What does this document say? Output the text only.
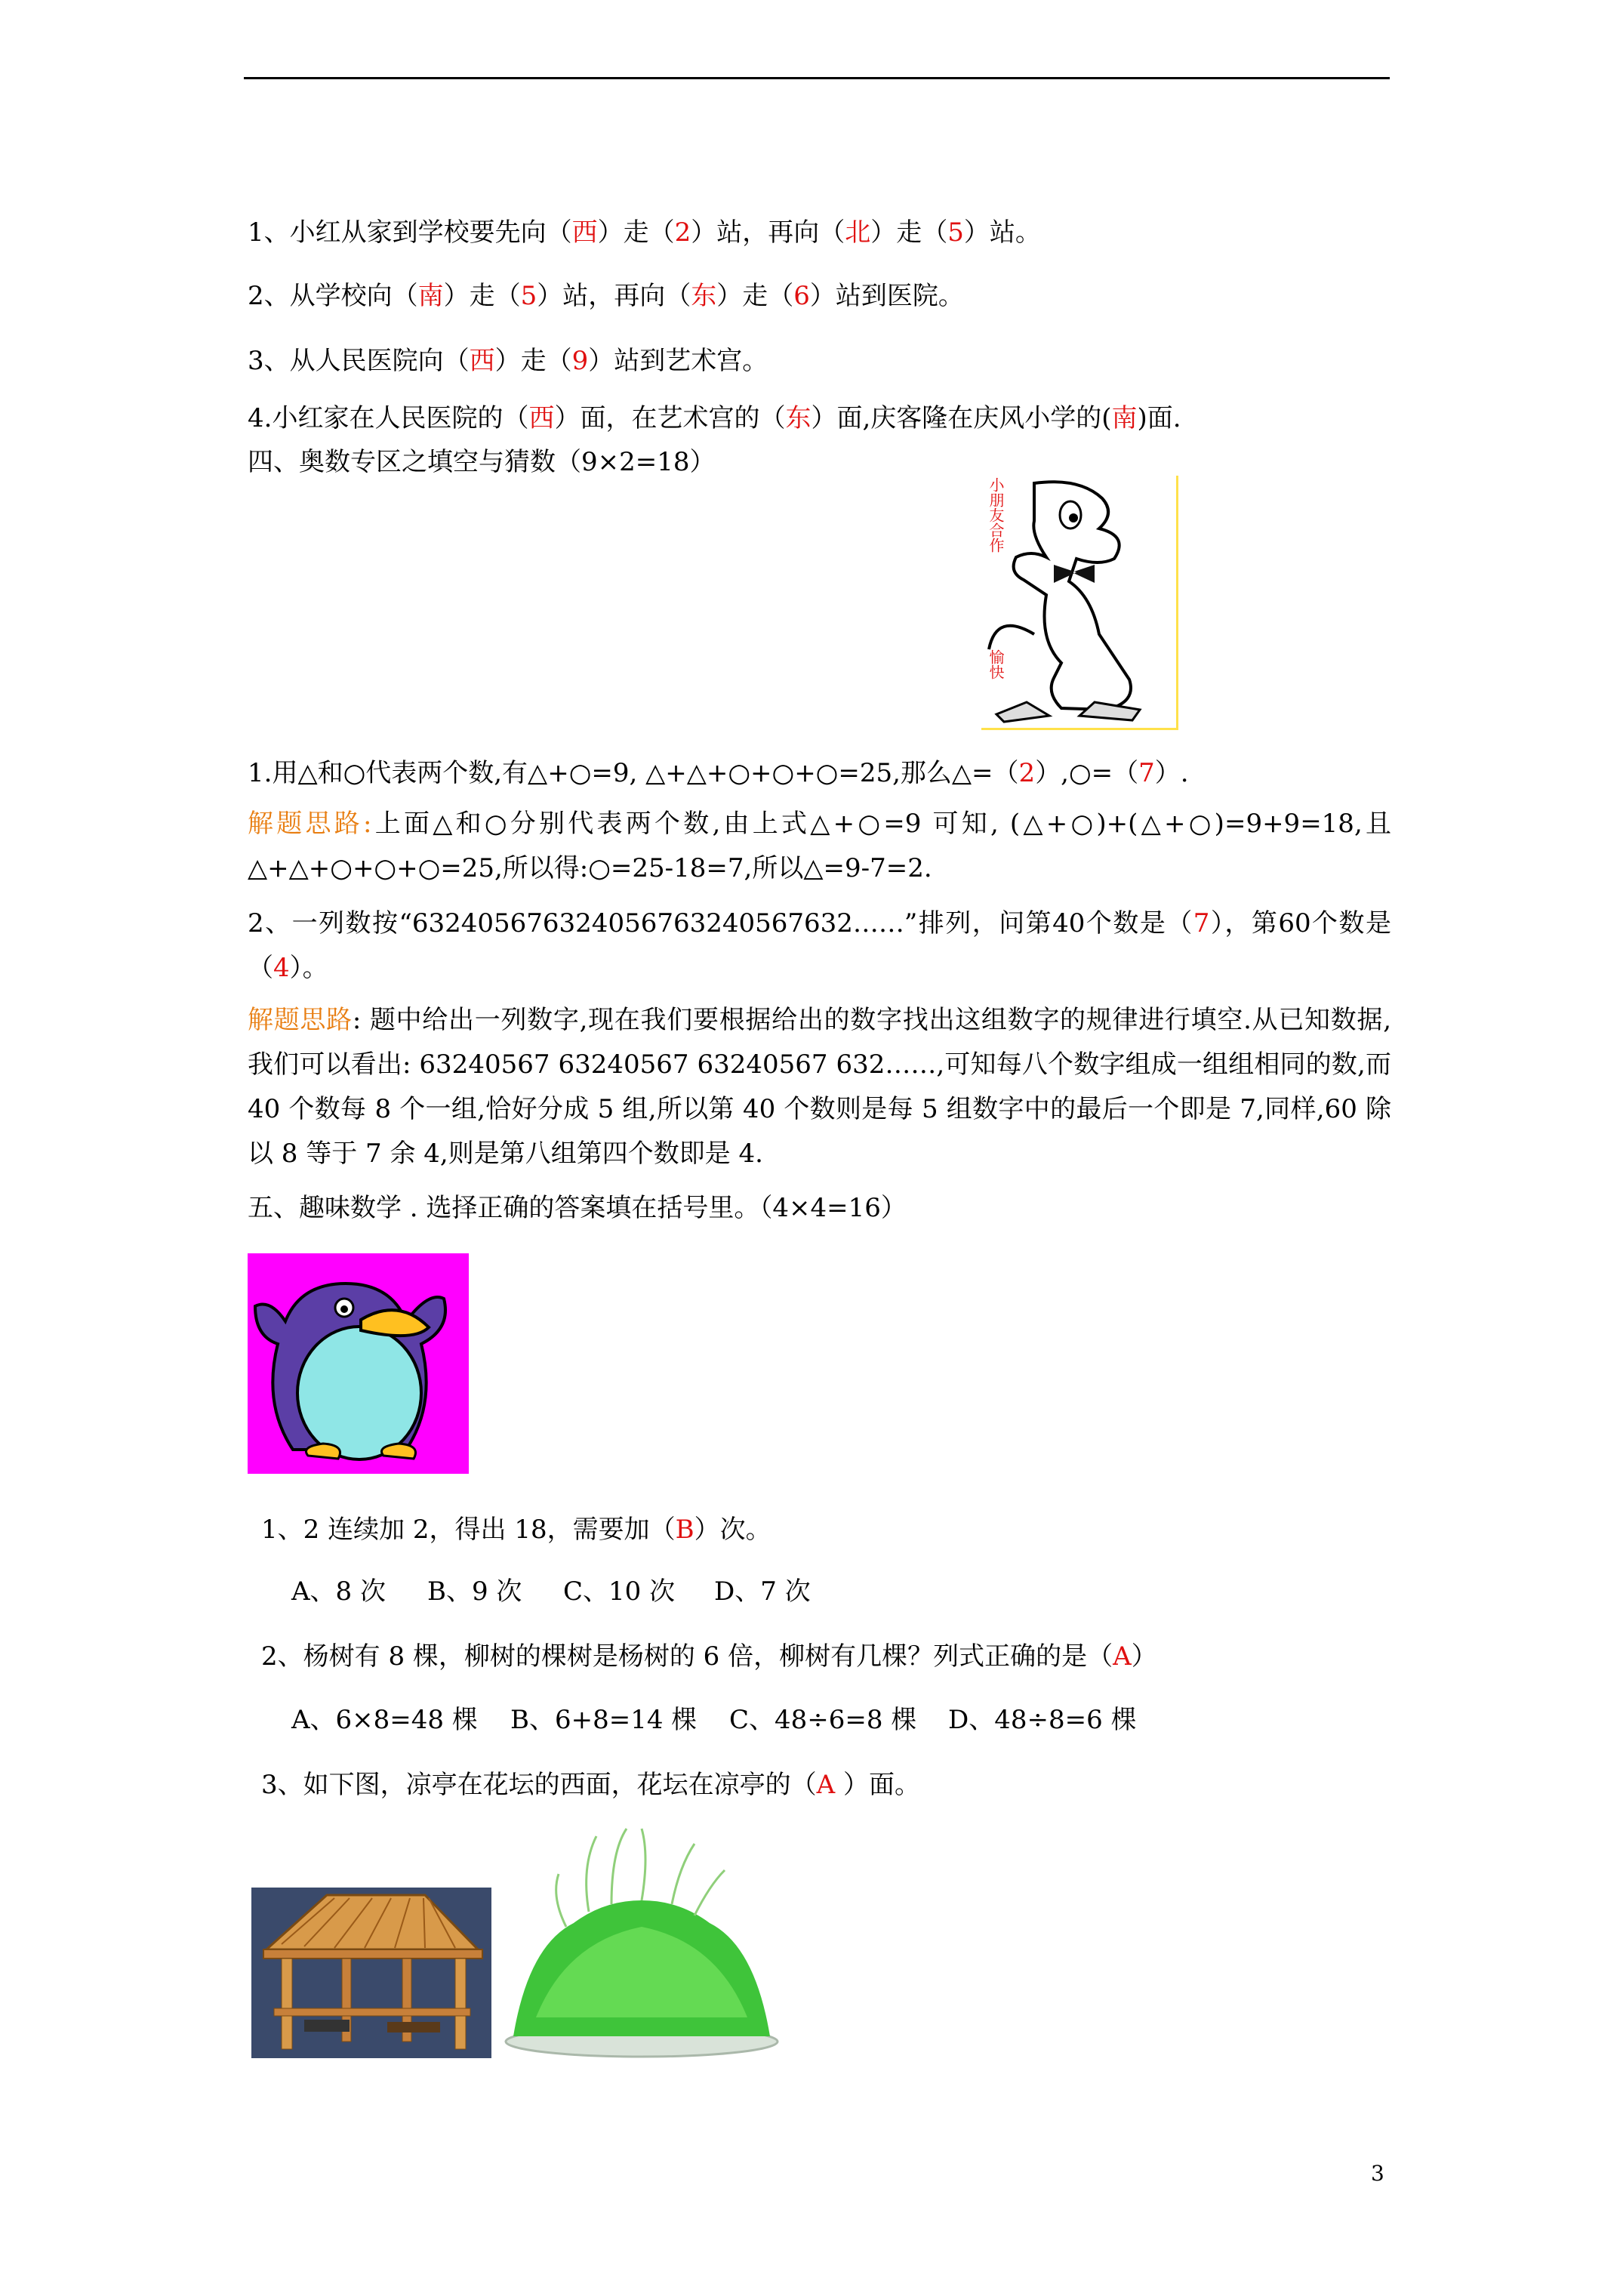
1、小红从家到学校要先向（西）走（2）站，再向（北）走（5）站。
2、从学校向（南）走（5）站，再向（东）走（6）站到医院。
3、从人民医院向（西）走（9）站到艺术宫。
4.小红家在人民医院的（西）面，在艺术宫的（东）面,庆客隆在庆风小学的(南)面.
四、奥数专区之填空与猜数（9×2=18）
小朋友合作
愉快
1.用△和○代表两个数,有△+○=9, △+△+○+○+○=25,那么△=（2）,○=（7）.
解题思路:上面△和○分别代表两个数,由上式△+○=9 可知, (△+○)+(△+○)=9+9=18,且△+△+○+○+○=25,所以得:○=25-18=7,所以△=9-7=2.
2、一列数按“632405676324056763240567632……”排列，问第40个数是（7），第60个数是（4）。
解题思路: 题中给出一列数字,现在我们要根据给出的数字找出这组数字的规律进行填空.从已知数据,我们可以看出: 63240567 63240567 63240567 632……,可知每八个数字组成一组组相同的数,而 40 个数每 8 个一组,恰好分成 5 组,所以第 40 个数则是每 5 组数字中的最后一个即是 7,同样,60 除以 8 等于 7 余 4,则是第八组第四个数即是 4.
五、趣味数学 . 选择正确的答案填在括号里。（4×4=16）
1、2 连续加 2，得出 18，需要加（B）次。
A、8 次 B、9 次 C、10 次 D、7 次
2、杨树有 8 棵，柳树的棵树是杨树的 6 倍，柳树有几棵？列式正确的是（A）
A、6×8=48 棵 B、6+8=14 棵 C、48÷6=8 棵 D、48÷8=6 棵
3、如下图，凉亭在花坛的西面，花坛在凉亭的（A ）面。
3
